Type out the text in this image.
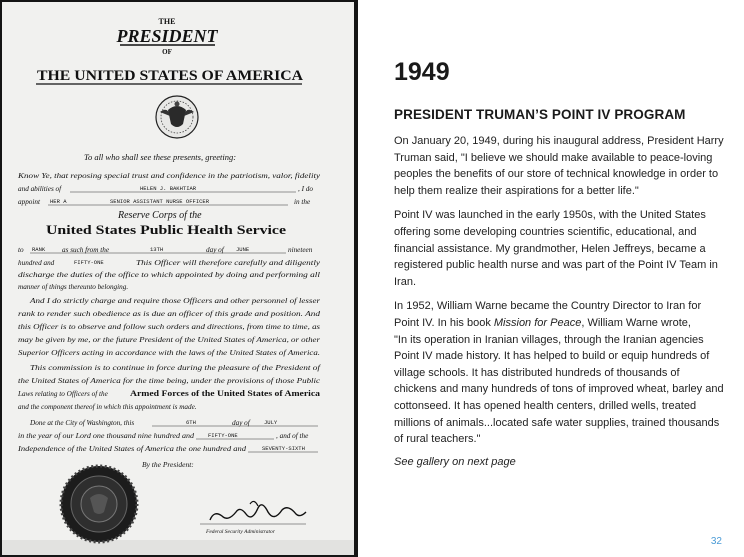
THE
PRESIDENT
OF
THE UNITED STATES OF AMERICA
To all who shall see these presents, greeting:
Know Ye, that reposing special trust and confidence in the patriotism, valor, fidelity
and abilities of	HELEN J. BAKHTIAR	, I do
appoint HER A	SENIOR ASSISTANT NURSE OFFICER	in the
Reserve Corps of the
United States Public Health Service
to RANK as such from the	13TH	day of JUNE	nineteen
hundred and	FIFTY-ONE	This Officer will therefore carefully and diligently
discharge the duties of the office to which appointed by doing and performing all
manner of things thereunto belonging.
And I do strictly charge and require those Officers and other personnel of lesser
rank to render such obedience as is due an officer of this grade and position. And
this Officer is to observe and follow such orders and directions, from time to time, as
may be given by me, or the future President of the United States of America, or other
Superior Officers acting in accordance with the laws of the United States of America.
This commission is to continue in force during the pleasure of the President of
the United States of America for the time being, under the provisions of those Public
Laws relating to Officers of the	Armed Forces of the United States of America
and the component thereof in which this appointment is made.
Done at the City of Washington, this	6TH	day of	JULY
in the year of our Lord one thousand nine hundred and FIFTY-ONE	, and of the
Independence of the United States of America the one hundred and	SEVENTY-SIXTH
By the President:
Federal Security Administrator
1949
PRESIDENT TRUMAN’S POINT IV PROGRAM

On January 20, 1949, during his inaugural address, President Harry Truman said, "I believe we should make available to peace-loving peoples the benefits of our store of technical knowledge in order to help them realize their aspirations for a better life."

Point IV was launched in the early 1950s, with the United States offering some developing countries scientific, educational, and financial assistance. My grandmother, Helen Jeffreys, became a registered public health nurse and was part of the Point IV Team in Iran.

In 1952, William Warne became the Country Director to Iran for Point IV. In his book Mission for Peace, William Warne wrote,
"In its operation in Iranian villages, through the Iranian agencies Point IV made history. It has helped to build or equip hundreds of village schools. It has distributed hundreds of thousands of chickens and many hundreds of tons of improved wheat, barley and cottonseed. It has opened health centers, drilled wells, treated millions of animals...located safe water supplies, trained thousands of rural teachers."

See gallery on next page

32
